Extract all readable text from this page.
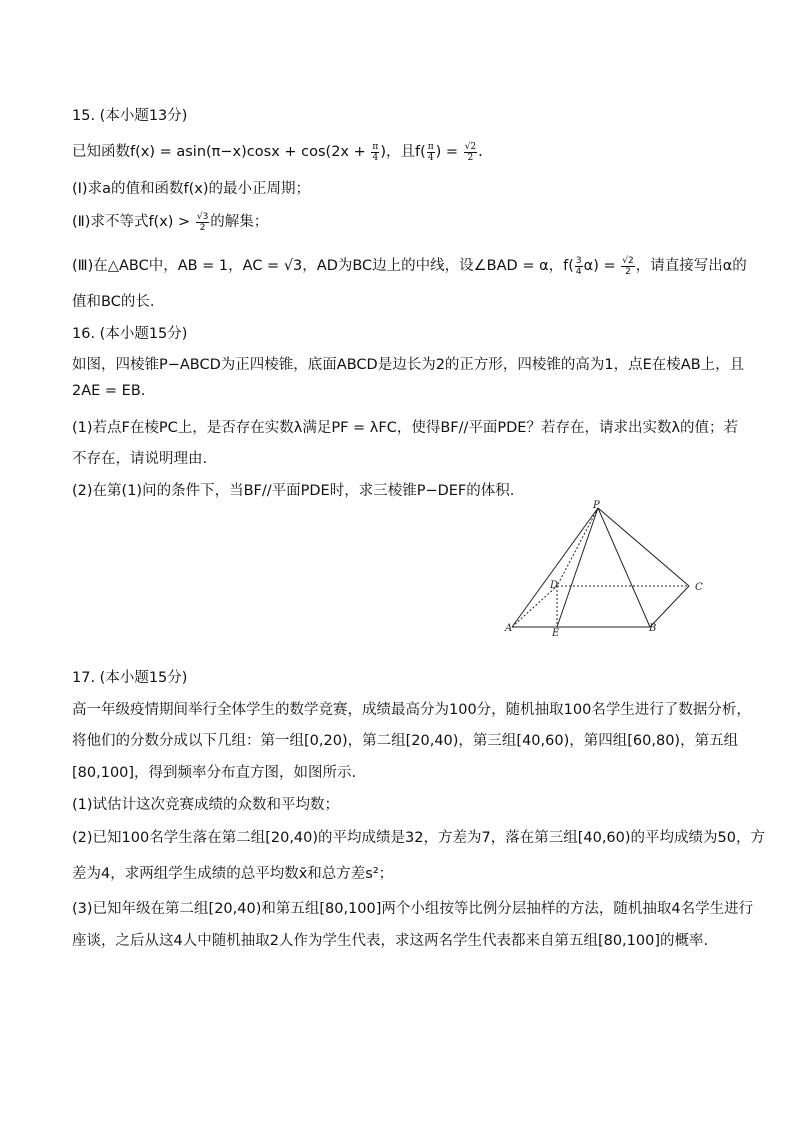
15. (本小题13分)
已知函数$f(x) = asin(\pi-x)\cos x + \cos(2x + \frac{\pi}{4}$ )，且$f( \frac{\pi}{4}$ ) = $\frac{√2}{2}$ .
(Ⅰ)求a的值和函数f(x)的最小正周期；
(Ⅱ)求不等式$f(x) > \frac{√3}{2}$ 的解集；
(Ⅲ)在△ABC中，AB = 1，AC = √3，AD为BC边上的中线，设∠BAD = α，$f( \frac{3}{4} \alpha) = \frac{√2}{2}$ ，请直接写出α的
值和BC的长.
16. (本小题15分)
如图，四棱锥P−ABCD为正四棱锥，底面ABCD是边长为2的正方形，四棱锥的高为1，点E在棱AB上，且
2AE = EB.
(1)若点F在棱PC上，是否存在实数λ满足PF = λFC，使得BF//平面PDE？若存在，请求出实数λ的值；若
不存在，请说明理由.
(2)在第(1)问的条件下，当BF//平面PDE时，求三棱锥P−DEF的体积.
P
A	B
C
D
E
17. (本小题15分)
高一年级疫情期间举行全体学生的数学竞赛，成绩最高分为100分，随机抽取100名学生进行了数据分析，
将他们的分数分成以下几组：第一组[0,20)，第二组[20,40)，第三组[40,60)，第四组[60,80)，第五组
[80,100]，得到频率分布直方图，如图所示.
(1)试估计这次竞赛成绩的众数和平均数；
(2)已知100名学生落在第二组[20,40)的平均成绩是32，方差为7，落在第三组[40,60)的平均成绩为50，方
差为4，求两组学生成绩的总平均数x̄和总方差s²；
(3)已知年级在第二组[20,40)和第五组[80,100]两个小组按等比例分层抽样的方法，随机抽取4名学生进行
座谈，之后从这4人中随机抽取2人作为学生代表，求这两名学生代表都来自第五组[80,100]的概率.
